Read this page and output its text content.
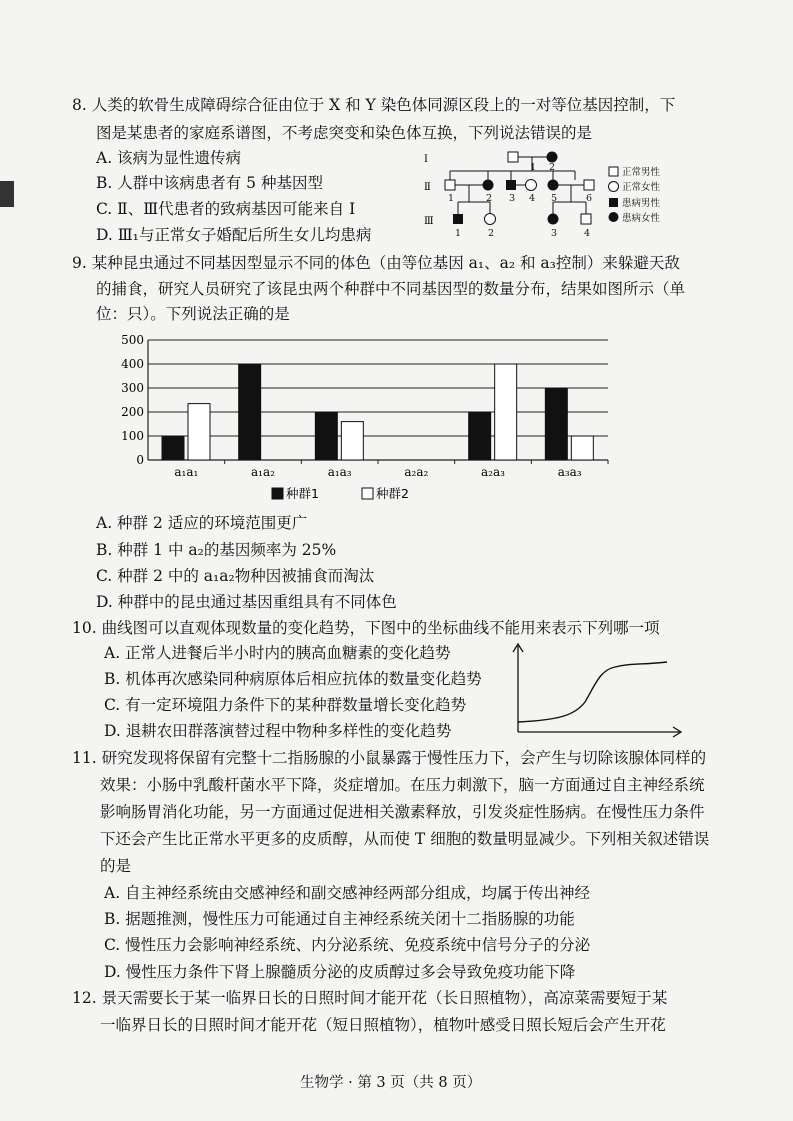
8. 人类的软骨生成障碍综合征由位于 X 和 Y 染色体同源区段上的一对等位基因控制，下
图是某患者的家庭系谱图，不考虑突变和染色体互换，下列说法错误的是
A. 该病为显性遗传病
B. 人群中该病患者有 5 种基因型
C. Ⅱ、Ⅲ代患者的致病基因可能来自 Ⅰ
D. Ⅲ₁与正常女子婚配后所生女儿均患病
Ⅰ
Ⅱ
Ⅲ
1 2
1	2 3 4 5	6
1	2	3	4
正常男性
正常女性
患病男性
患病女性
9. 某种昆虫通过不同基因型显示不同的体色（由等位基因 a₁、a₂ 和 a₃控制）来躲避天敌
的捕食，研究人员研究了该昆虫两个种群中不同基因型的数量分布，结果如图所示（单
位：只）。下列说法正确的是
0
100
200
300
400
500
a₁a₁	a₁a₂	a₁a₃	a₂a₂	a₂a₃	a₃a₃
种群1	种群2
A. 种群 2 适应的环境范围更广
B. 种群 1 中 a₂的基因频率为 25%
C. 种群 2 中的 a₁a₂物种因被捕食而淘汰
D. 种群中的昆虫通过基因重组具有不同体色
10. 曲线图可以直观体现数量的变化趋势，下图中的坐标曲线不能用来表示下列哪一项
A. 正常人进餐后半小时内的胰高血糖素的变化趋势
B. 机体再次感染同种病原体后相应抗体的数量变化趋势
C. 有一定环境阻力条件下的某种群数量增长变化趋势
D. 退耕农田群落演替过程中物种多样性的变化趋势
11. 研究发现将保留有完整十二指肠腺的小鼠暴露于慢性压力下，会产生与切除该腺体同样的
效果：小肠中乳酸杆菌水平下降，炎症增加。在压力刺激下，脑一方面通过自主神经系统
影响肠胃消化功能，另一方面通过促进相关激素释放，引发炎症性肠病。在慢性压力条件
下还会产生比正常水平更多的皮质醇，从而使 T 细胞的数量明显减少。下列相关叙述错误
的是
A. 自主神经系统由交感神经和副交感神经两部分组成，均属于传出神经
B. 据题推测，慢性压力可能通过自主神经系统关闭十二指肠腺的功能
C. 慢性压力会影响神经系统、内分泌系统、免疫系统中信号分子的分泌
D. 慢性压力条件下肾上腺髓质分泌的皮质醇过多会导致免疫功能下降
12. 景天需要长于某一临界日长的日照时间才能开花（长日照植物），高凉菜需要短于某
一临界日长的日照时间才能开花（短日照植物），植物叶感受日照长短后会产生开花
生物学 · 第 3 页（共 8 页）
